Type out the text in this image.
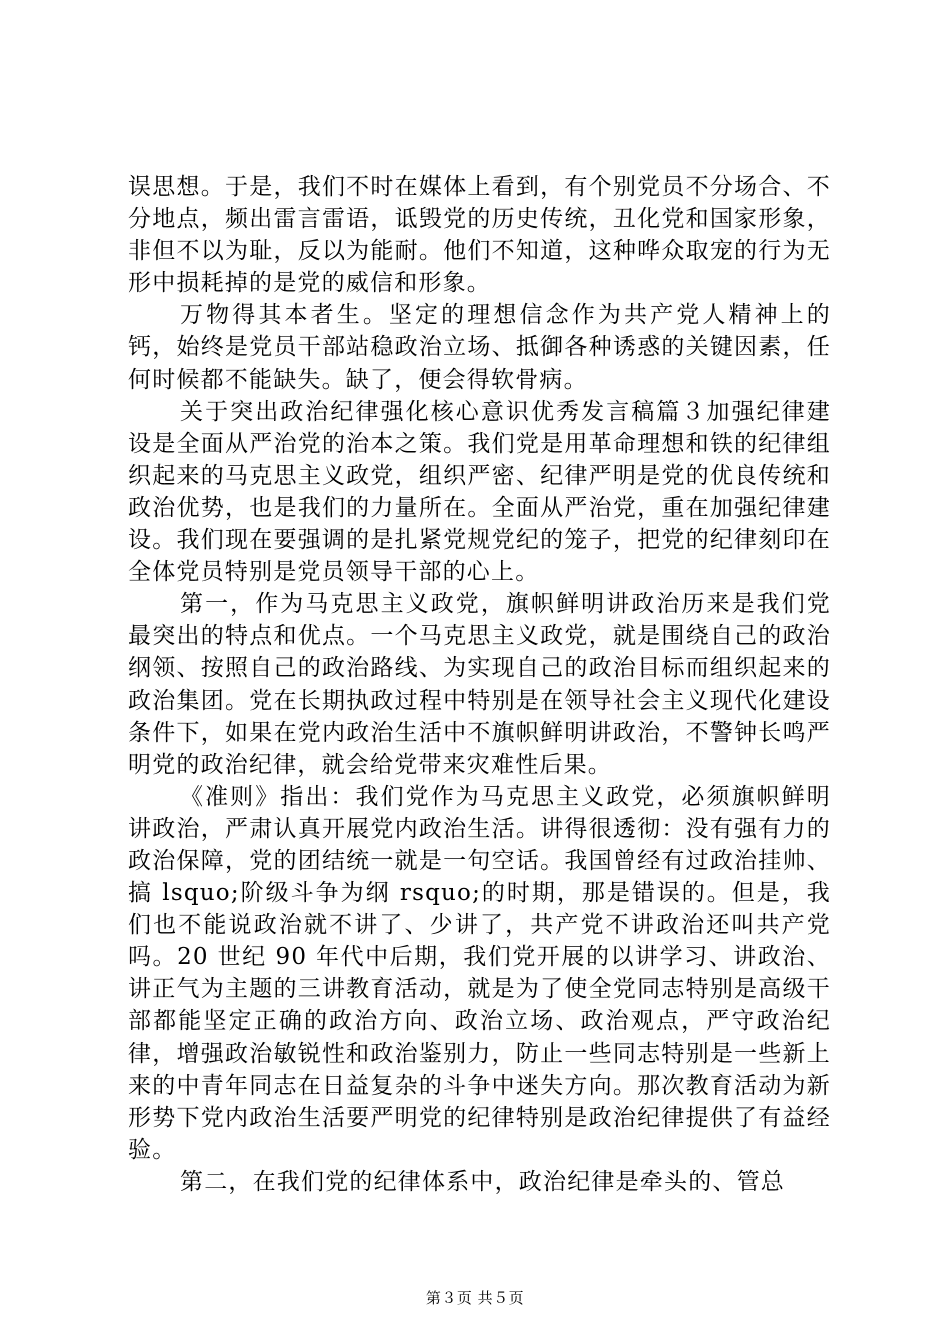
误思想。于是，我们不时在媒体上看到，有个别党员不分场合、不分地点，频出雷言雷语，诋毁党的历史传统，丑化党和国家形象，非但不以为耻，反以为能耐。他们不知道，这种哗众取宠的行为无形中损耗掉的是党的威信和形象。

万物得其本者生。坚定的理想信念作为共产党人精神上的钙，始终是党员干部站稳政治立场、抵御各种诱惑的关键因素，任何时候都不能缺失。缺了，便会得软骨病。

关于突出政治纪律强化核心意识优秀发言稿篇３加强纪律建设是全面从严治党的治本之策。我们党是用革命理想和铁的纪律组织起来的马克思主义政党，组织严密、纪律严明是党的优良传统和政治优势，也是我们的力量所在。全面从严治党，重在加强纪律建设。我们现在要强调的是扎紧党规党纪的笼子，把党的纪律刻印在全体党员特别是党员领导干部的心上。

第一，作为马克思主义政党，旗帜鲜明讲政治历来是我们党最突出的特点和优点。一个马克思主义政党，就是围绕自己的政治纲领、按照自己的政治路线、为实现自己的政治目标而组织起来的政治集团。党在长期执政过程中特别是在领导社会主义现代化建设条件下，如果在党内政治生活中不旗帜鲜明讲政治，不警钟长鸣严明党的政治纪律，就会给党带来灾难性后果。

《准则》指出：我们党作为马克思主义政党，必须旗帜鲜明讲政治，严肃认真开展党内政治生活。讲得很透彻：没有强有力的政治保障，党的团结统一就是一句空话。我国曾经有过政治挂帅、搞 lsquo;阶级斗争为纲 rsquo;的时期，那是错误的。但是，我们也不能说政治就不讲了、少讲了，共产党不讲政治还叫共产党吗。20 世纪 90 年代中后期，我们党开展的以讲学习、讲政治、讲正气为主题的三讲教育活动，就是为了使全党同志特别是高级干部都能坚定正确的政治方向、政治立场、政治观点，严守政治纪律，增强政治敏锐性和政治鉴别力，防止一些同志特别是一些新上来的中青年同志在日益复杂的斗争中迷失方向。那次教育活动为新形势下党内政治生活要严明党的纪律特别是政治纪律提供了有益经验。

第二，在我们党的纪律体系中，政治纪律是牵头的、管总

第３页 共５页
